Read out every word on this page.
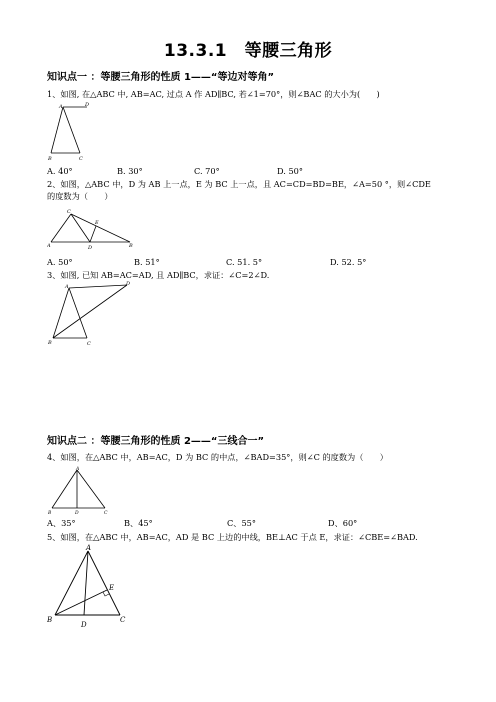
13.3.1　等腰三角形
知识点一 ：等腰三角形的性质 1——“等边对等角”
1、如图, 在△ABC 中, AB=AC, 过点 A 作 AD∥BC, 若∠1=70°，则∠BAC 的大小为(　　)
A	D
B	C
A. 40°	B. 30°	C. 70°	D. 50°
2、如图，△ABC 中，D 为 AB 上一点，E 为 BC 上一点，且 AC=CD=BD=BE，∠A=50 °，则∠CDE
的度数为（　　）
C
E
A	D	B
A. 50°	B. 51°	C. 51. 5°	D. 52. 5°
3、如图, 已知 AB=AC=AD, 且 AD∥BC，求证：∠C=2∠D.
A	D
B	C
知识点二 ：等腰三角形的性质 2——“三线合一”
4、如图，在△ABC 中，AB=AC，D 为 BC 的中点，∠BAD=35°，则∠C 的度数为（　　）
A
B	D	C
A、35°	B、45°	C、55°	D、60°
5、如图，在△ABC 中，AB=AC，AD 是 BC 上边的中线，BE⊥AC 于点 E，求证：∠CBE=∠BAD.
A
E
B
D
C
